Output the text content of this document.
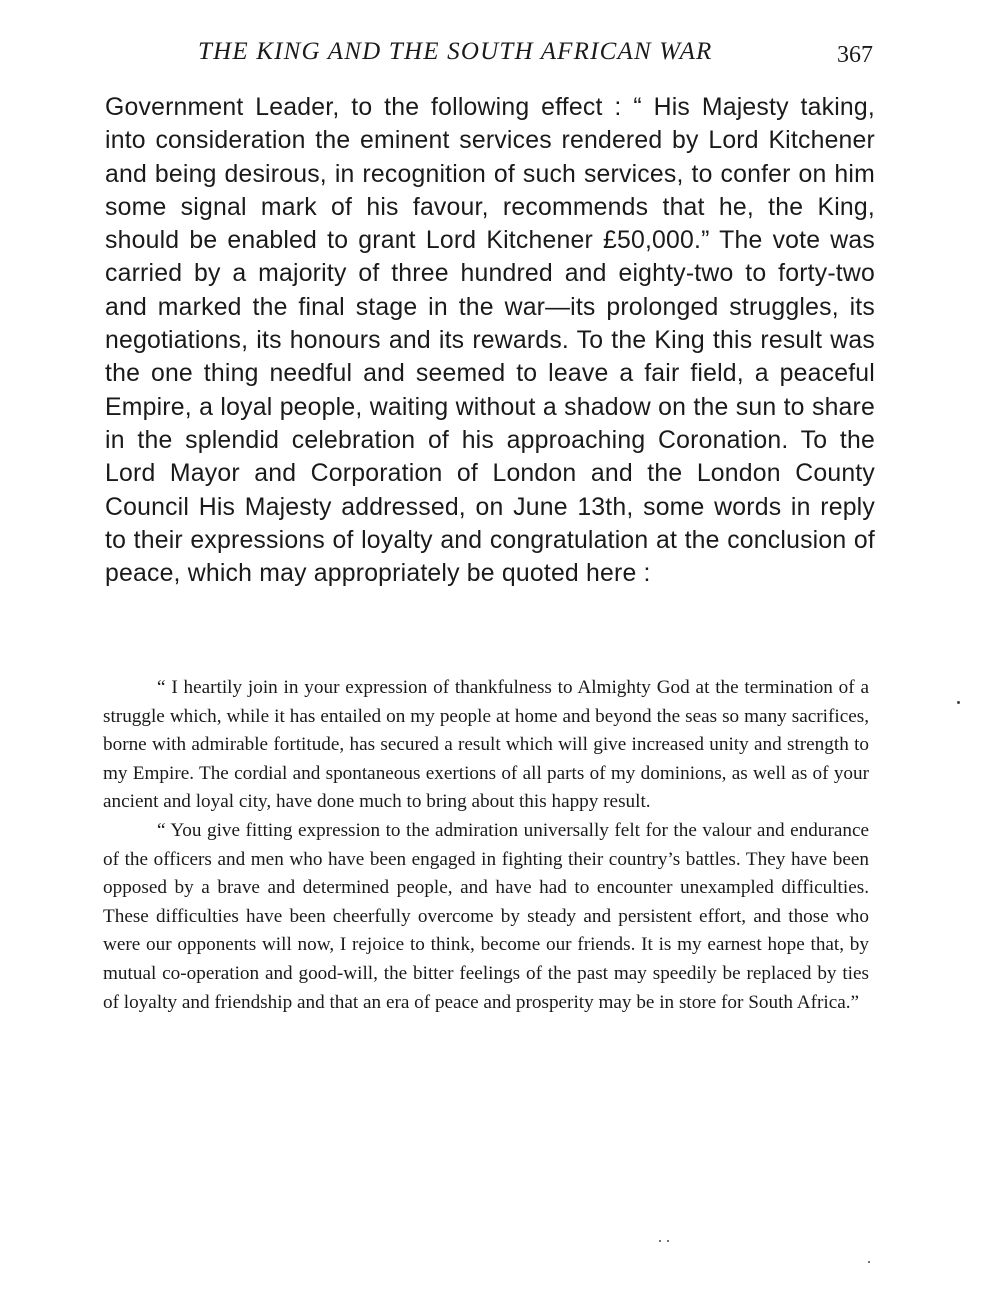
THE KING AND THE SOUTH AFRICAN WAR	367

Government Leader, to the following effect : “ His Majesty taking, into consideration the eminent services rendered by Lord Kitchener and being desirous, in recognition of such services, to confer on him some signal mark of his favour, recommends that he, the King, should be enabled to grant Lord Kitchener £50,000.” The vote was carried by a majority of three hundred and eighty-two to forty-two and marked the final stage in the war—its prolonged struggles, its negotiations, its honours and its rewards. To the King this result was the one thing needful and seemed to leave a fair field, a peaceful Empire, a loyal people, waiting without a shadow on the sun to share in the splendid celebration of his approaching Coronation. To the Lord Mayor and Corporation of London and the London County Council His Majesty addressed, on June 13th, some words in reply to their expressions of loyalty and congratulation at the conclusion of peace, which may appropriately be quoted here :

“ I heartily join in your expression of thankfulness to Almighty God at the termination of a struggle which, while it has entailed on my people at home and beyond the seas so many sacrifices, borne with admirable fortitude, has secured a result which will give increased unity and strength to my Empire. The cordial and spontaneous exertions of all parts of my dominions, as well as of your ancient and loyal city, have done much to bring about this happy result.

“ You give fitting expression to the admiration universally felt for the valour and endurance of the officers and men who have been engaged in fighting their country’s battles. They have been opposed by a brave and determined people, and have had to encounter unexampled difficulties. These difficulties have been cheerfully overcome by steady and persistent effort, and those who were our opponents will now, I rejoice to think, become our friends. It is my earnest hope that, by mutual co-operation and good-will, the bitter feelings of the past may speedily be replaced by ties of loyalty and friendship and that an era of peace and prosperity may be in store for South Africa.”
